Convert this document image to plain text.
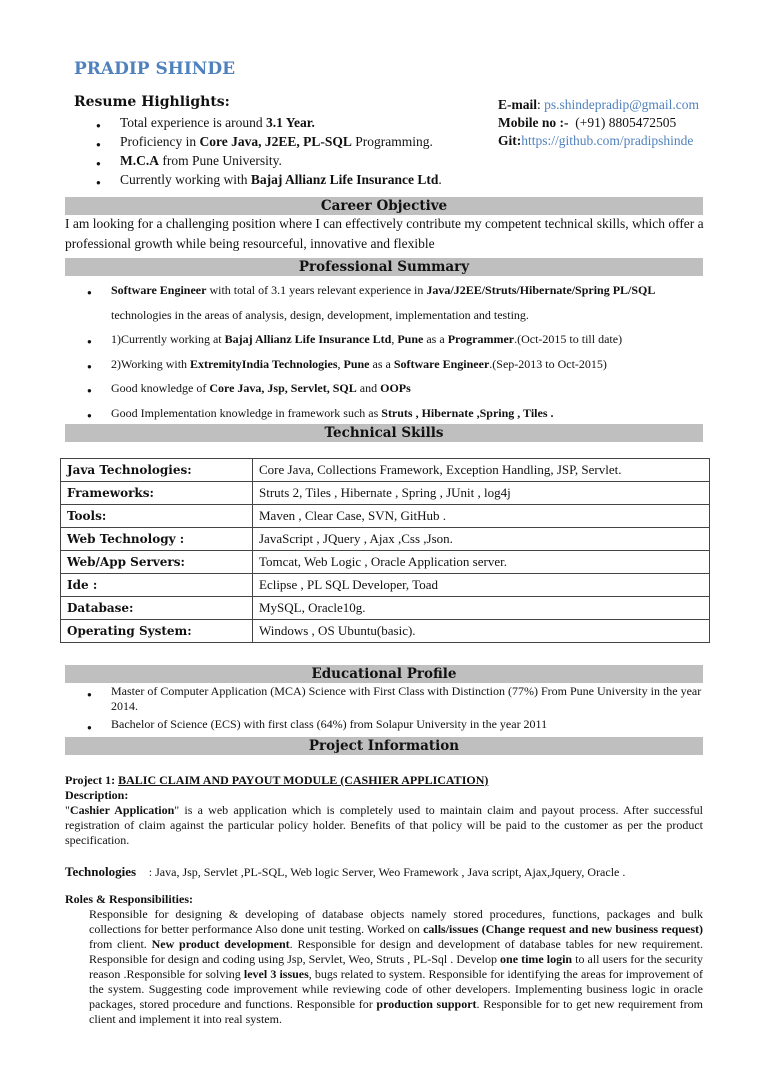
PRADIP SHINDE
Resume Highlights:
● Total experience is around 3.1 Year.
● Proficiency in Core Java, J2EE, PL-SQL Programming.
● M.C.A from Pune University.
● Currently working with Bajaj Allianz Life Insurance Ltd.
E-mail: ps.shindepradip@gmail.com
Mobile no :- (+91) 8805472505
Git:https://github.com/pradipshinde
Career Objective
I am looking for a challenging position where I can effectively contribute my competent technical skills, which offer a professional growth while being resourceful, innovative and flexible
Professional Summary
● Software Engineer with total of 3.1 years relevant experience in Java/J2EE/Struts/Hibernate/Spring PL/SQL technologies in the areas of analysis, design, development, implementation and testing.
● 1)Currently working at Bajaj Allianz Life Insurance Ltd, Pune as a Programmer.(Oct-2015 to till date)
● 2)Working with ExtremityIndia Technologies, Pune as a Software Engineer.(Sep-2013 to Oct-2015)
● Good knowledge of Core Java, Jsp, Servlet, SQL and OOPs
● Good Implementation knowledge in framework such as Struts , Hibernate ,Spring , Tiles .
Technical Skills
Java Technologies:	Core Java, Collections Framework, Exception Handling, JSP, Servlet.
Frameworks:	Struts 2, Tiles , Hibernate , Spring , JUnit , log4j
Tools:	Maven , Clear Case, SVN, GitHub .
Web Technology :	JavaScript , JQuery , Ajax ,Css ,Json.
Web/App Servers:	Tomcat, Web Logic , Oracle Application server.
Ide :	Eclipse , PL SQL Developer, Toad
Database:	MySQL, Oracle10g.
Operating System:	Windows , OS Ubuntu(basic).
Educational Profile
● Master of Computer Application (MCA) Science with First Class with Distinction (77%) From Pune University in the year 2014.
● Bachelor of Science (ECS) with first class (64%) from Solapur University in the year 2011
Project Information
Project 1: BALIC CLAIM AND PAYOUT MODULE (CASHIER APPLICATION)
Description:
"Cashier Application" is a web application which is completely used to maintain claim and payout process. After successful registration of claim against the particular policy holder. Benefits of that policy will be paid to the customer as per the product specification.
Technologies    : Java, Jsp, Servlet ,PL-SQL, Web logic Server, Weo Framework , Java script, Ajax,Jquery, Oracle .
Roles & Responsibilities:
Responsible for designing & developing of database objects namely stored procedures, functions, packages and bulk collections for better performance Also done unit testing. Worked on calls/issues (Change request and new business request) from client. New product development. Responsible for design and development of database tables for new requirement. Responsible for design and coding using Jsp, Servlet, Weo, Struts , PL-Sql . Develop one time login to all users for the security reason .Responsible for solving level 3 issues, bugs related to system. Responsible for identifying the areas for improvement of the system. Suggesting code improvement while reviewing code of other developers. Implementing business logic in oracle packages, stored procedure and functions. Responsible for production support. Responsible for to get new requirement from client and implement it into real system.
